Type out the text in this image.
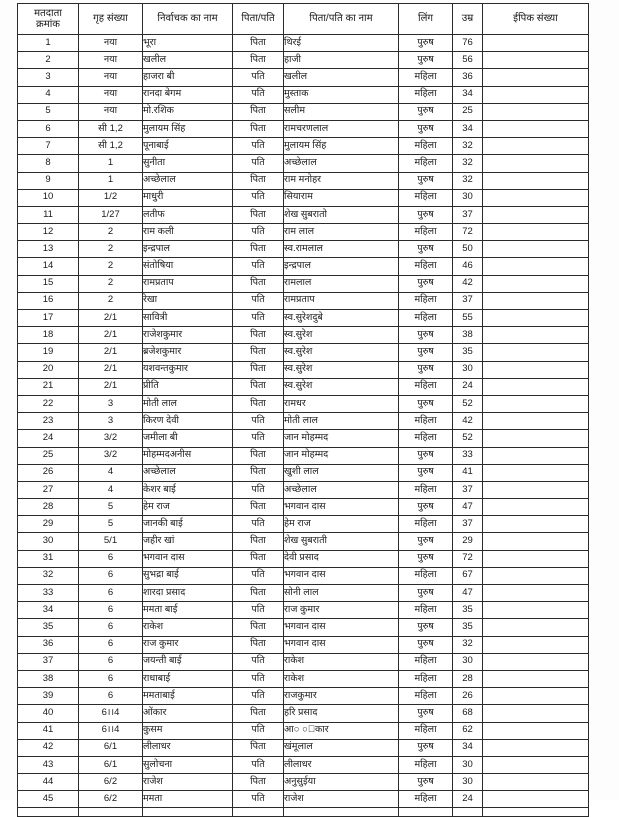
मतदाता
क्रमांक	गृह संख्या	निर्वाचक का नाम	पिता/पति	पिता/पति का नाम	लिंग	उम्र	ईपिक संख्या

1	नया	भूरा	पिता	थिरई	पुरुष	76	
2	नया	खलील	पिता	हाजी	पुरुष	56	
3	नया	हाजरा बी	पति	खलील	महिला	36	
4	नया	रानदा बेगम	पति	मुस्ताक	महिला	34	
5	नया	मो.रशिक	पिता	सलीम	पुरुष	25	
6	सी 1,2	मुलायम सिंह	पिता	रामचरणलाल	पुरुष	34	
7	सी 1,2	पूनाबाई	पति	मुलायम सिंह	महिला	32	
8	1	सुनीता	पति	अच्छेलाल	महिला	32	
9	1	अच्छेलाल	पिता	राम मनोहर	पुरुष	32	
10	1/2	माधुरी	पति	सियाराम	महिला	30	
11	1/27	लतीफ	पिता	शेख सुबरातो	पुरुष	37	
12	2	राम कली	पति	राम लाल	महिला	72	
13	2	इन्द्रपाल	पिता	स्व.रामलाल	पुरुष	50	
14	2	संतोषिया	पति	इन्द्रपाल	महिला	46	
15	2	रामप्रताप	पिता	रामलाल	पुरुष	42	
16	2	रेखा	पति	रामप्रताप	महिला	37	
17	2/1	सावित्री	पति	स्व.सुरेशदुबे	महिला	55	
18	2/1	राजेशकुमार	पिता	स्व.सुरेश	पुरुष	38	
19	2/1	ब्रजेशकुमार	पिता	स्व.सुरेश	पुरुष	35	
20	2/1	यशवन्तकुमार	पिता	स्व.सुरेश	पुरुष	30	
21	2/1	प्रीति	पिता	स्व.सुरेश	महिला	24	
22	3	मोती लाल	पिता	रामधर	पुरुष	52	
23	3	किरण देवी	पति	मोती लाल	महिला	42	
24	3/2	जमीला बी	पति	जान मोहम्मद	महिला	52	
25	3/2	मोहम्मदअनीस	पिता	जान मोहम्मद	पुरुष	33	
26	4	अच्छेलाल	पिता	खुशी लाल	पुरुष	41	
27	4	केशर बाई	पति	अच्छेलाल	महिला	37	
28	5	हेम राज	पिता	भगवान दास	पुरुष	47	
29	5	जानकी बाई	पति	हेम राज	महिला	37	
30	5/1	जहीर खां	पिता	शेख सुबराती	पुरुष	29	
31	6	भगवान दास	पिता	देवी प्रसाद	पुरुष	72	
32	6	सुभद्रा बाई	पति	भगवान दास	महिला	67	
33	6	शारदा प्रसाद	पिता	सोनी लाल	पुरुष	47	
34	6	ममता बाई	पति	राज कुमार	महिला	35	
35	6	राकेश	पिता	भगवान दास	पुरुष	35	
36	6	राज कुमार	पिता	भगवान दास	पुरुष	32	
37	6	जयन्ती बाई	पति	राकेश	महिला	30	
38	6	राधाबाई	पति	राकेश	महिला	28	
39	6	ममताबाई	पति	राजकुमार	महिला	26	
40	6।।4	ओंकार	पिता	हरि प्रसाद	पुरुष	68	
41	6।।4	कुसम	पति	आ○ ○ंकार	महिला	62	
42	6/1	लीलाधर	पिता	खंमूलाल	पुरुष	34	
43	6/1	सुलोचना	पति	लीलाधर	महिला	30	
44	6/2	राजेश	पिता	अनुसुईया	पुरुष	30	
45	6/2	ममता	पति	राजेश	महिला	24	
